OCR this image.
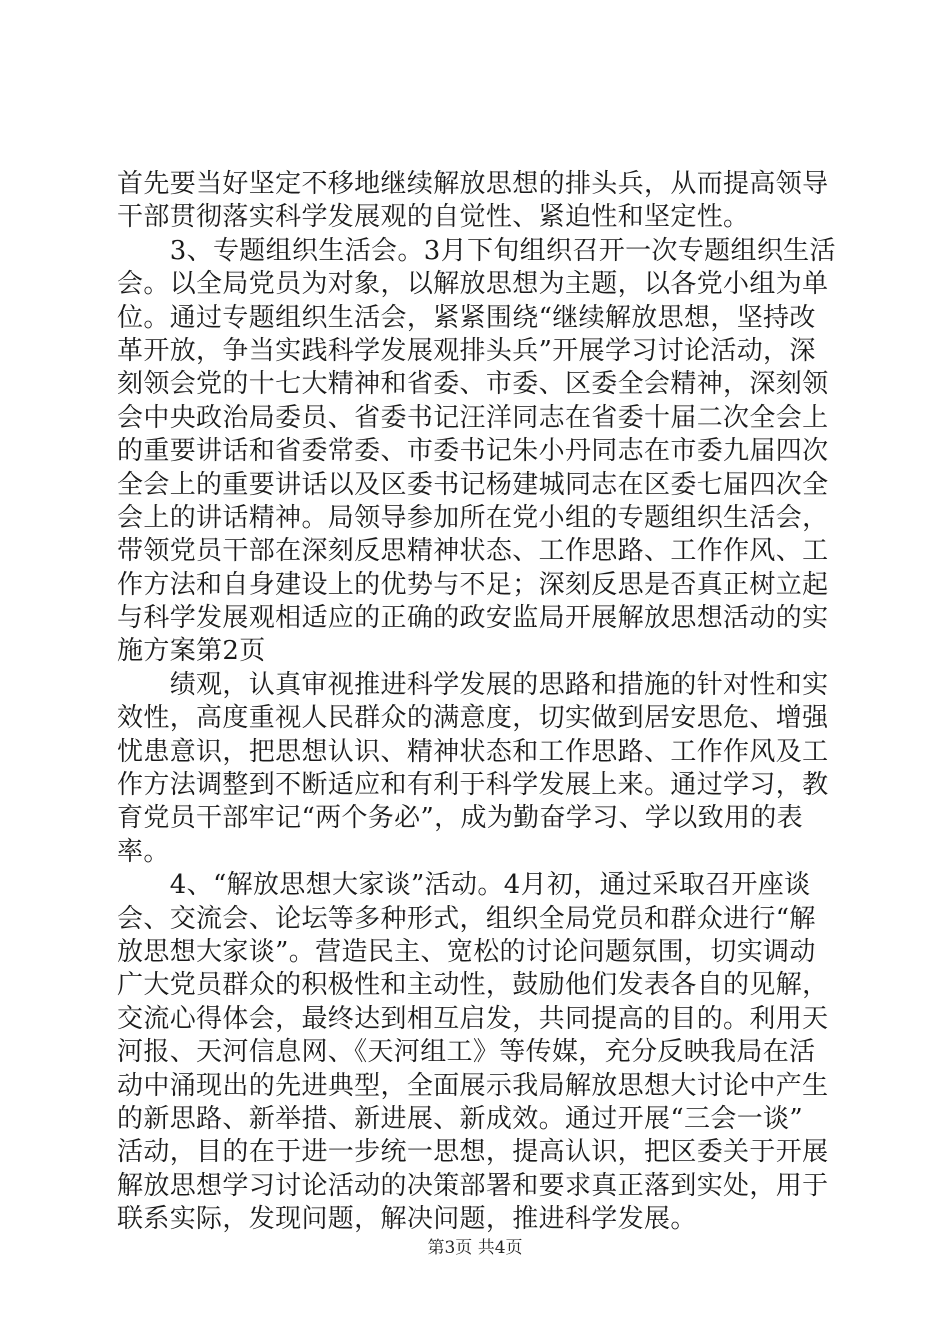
首先要当好坚定不移地继续解放思想的排头兵，从而提高领导
干部贯彻落实科学发展观的自觉性、紧迫性和坚定性。
　　3、专题组织生活会。3月下旬组织召开一次专题组织生活
会。以全局党员为对象，以解放思想为主题，以各党小组为单
位。通过专题组织生活会，紧紧围绕“继续解放思想，坚持改
革开放，争当实践科学发展观排头兵”开展学习讨论活动，深
刻领会党的十七大精神和省委、市委、区委全会精神，深刻领
会中央政治局委员、省委书记汪洋同志在省委十届二次全会上
的重要讲话和省委常委、市委书记朱小丹同志在市委九届四次
全会上的重要讲话以及区委书记杨建城同志在区委七届四次全
会上的讲话精神。局领导参加所在党小组的专题组织生活会，
带领党员干部在深刻反思精神状态、工作思路、工作作风、工
作方法和自身建设上的优势与不足；深刻反思是否真正树立起
与科学发展观相适应的正确的政安监局开展解放思想活动的实
施方案第2页
　　绩观，认真审视推进科学发展的思路和措施的针对性和实
效性，高度重视人民群众的满意度，切实做到居安思危、增强
忧患意识，把思想认识、精神状态和工作思路、工作作风及工
作方法调整到不断适应和有利于科学发展上来。通过学习，教
育党员干部牢记“两个务必”，成为勤奋学习、学以致用的表
率。
　　4、“解放思想大家谈”活动。4月初，通过采取召开座谈
会、交流会、论坛等多种形式，组织全局党员和群众进行“解
放思想大家谈”。营造民主、宽松的讨论问题氛围，切实调动
广大党员群众的积极性和主动性，鼓励他们发表各自的见解，
交流心得体会，最终达到相互启发，共同提高的目的。利用天
河报、天河信息网、《天河组工》等传媒，充分反映我局在活
动中涌现出的先进典型，全面展示我局解放思想大讨论中产生
的新思路、新举措、新进展、新成效。通过开展“三会一谈”
活动，目的在于进一步统一思想，提高认识，把区委关于开展
解放思想学习讨论活动的决策部署和要求真正落到实处，用于
联系实际，发现问题，解决问题，推进科学发展。
第3页 共4页
